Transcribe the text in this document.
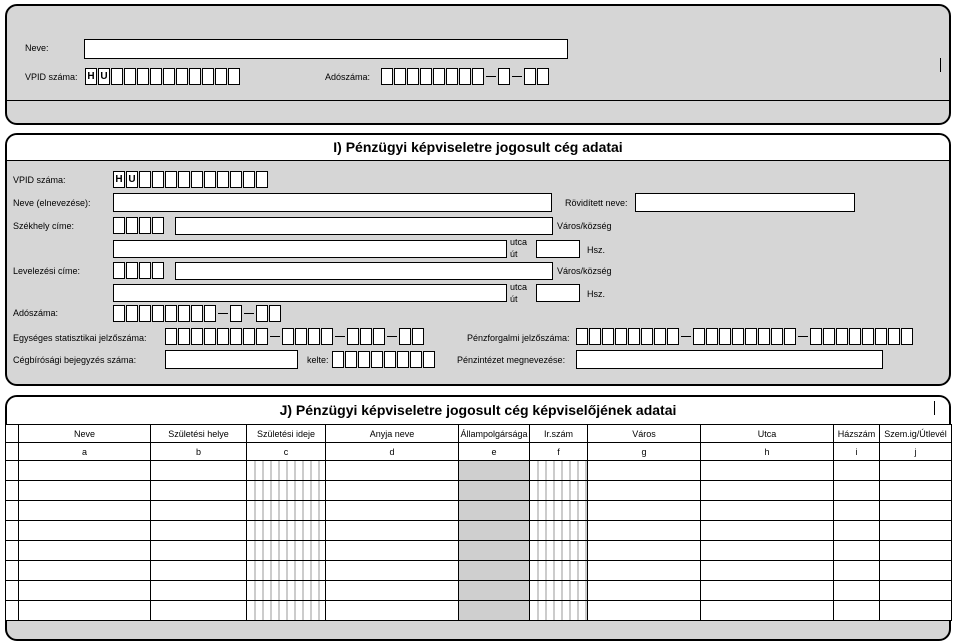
Neve:
VPID száma: H U	Adószáma:
I) Pénzügyi képviseletre jogosult cég adatai
VPID száma:	H U
Neve (elnevezése):	Rövidített neve:
Székhely címe:	Város/község
utca
út	Hsz.
Levelezési címe:	Város/község
utca
út	Hsz.
Adószáma:
Egységes statisztikai jelzőszáma:	Pénzforgalmi jelzőszáma:
Cégbírósági bejegyzés száma:	kelte:	Pénzintézet megnevezése:
J) Pénzügyi képviseletre jogosult cég képviselőjének adatai
	Neve	Születési helye	Születési ideje	Anyja neve	Állampolgársága	Ir.szám	Város	Utca	Házszám	Szem.ig/Útlevél
	a	b	c	d	e	f	g	h	i	j
